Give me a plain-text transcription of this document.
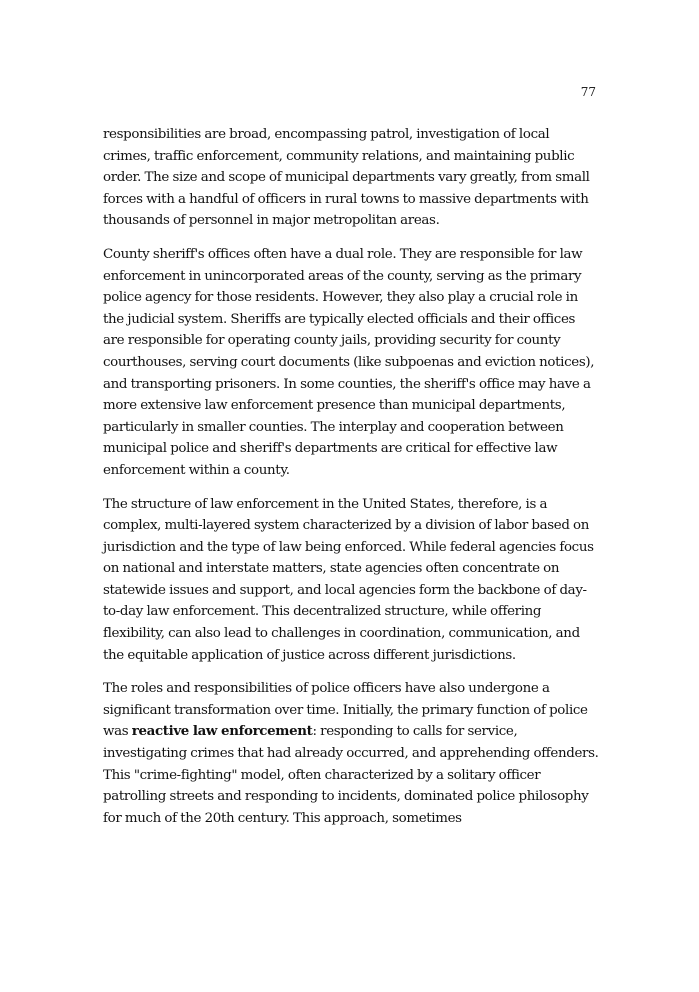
77

responsibilities are broad, encompassing patrol, investigation of local crimes, traffic enforcement, community relations, and maintaining public order. The size and scope of municipal departments vary greatly, from small forces with a handful of officers in rural towns to massive departments with thousands of personnel in major metropolitan areas.

County sheriff's offices often have a dual role. They are responsible for law enforcement in unincorporated areas of the county, serving as the primary police agency for those residents. However, they also play a crucial role in the judicial system. Sheriffs are typically elected officials and their offices are responsible for operating county jails, providing security for county courthouses, serving court documents (like subpoenas and eviction notices), and transporting prisoners. In some counties, the sheriff's office may have a more extensive law enforcement presence than municipal departments, particularly in smaller counties. The interplay and cooperation between municipal police and sheriff's departments are critical for effective law enforcement within a county.

The structure of law enforcement in the United States, therefore, is a complex, multi-layered system characterized by a division of labor based on jurisdiction and the type of law being enforced. While federal agencies focus on national and interstate matters, state agencies often concentrate on statewide issues and support, and local agencies form the backbone of day-to-day law enforcement. This decentralized structure, while offering flexibility, can also lead to challenges in coordination, communication, and the equitable application of justice across different jurisdictions.

The roles and responsibilities of police officers have also undergone a significant transformation over time. Initially, the primary function of police was reactive law enforcement: responding to calls for service, investigating crimes that had already occurred, and apprehending offenders. This "crime-fighting" model, often characterized by a solitary officer patrolling streets and responding to incidents, dominated police philosophy for much of the 20th century. This approach, sometimes
